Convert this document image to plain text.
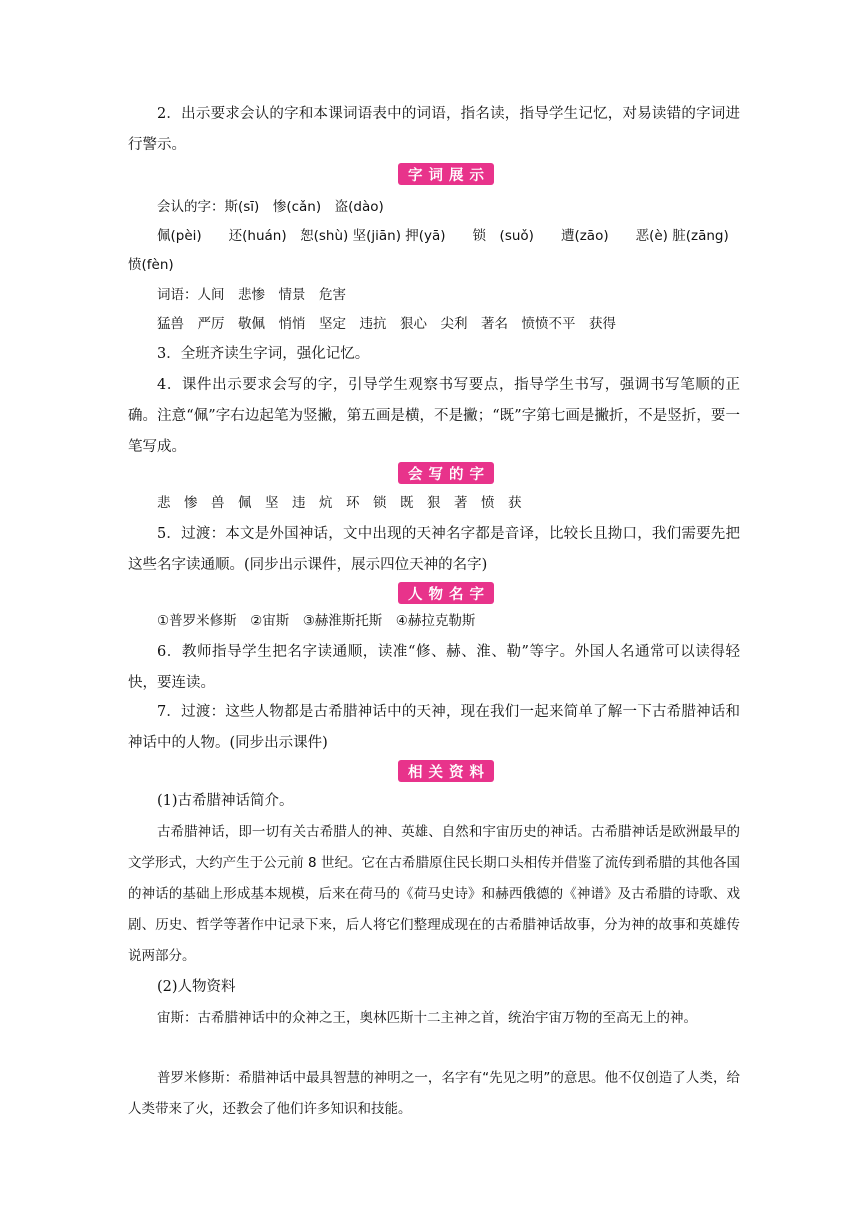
2．出示要求会认的字和本课词语表中的词语，指名读，指导学生记忆，对易读错的字词进行警示。

字词展示

会认的字：斯(sī)　惨(cǎn)　盗(dào)

佩(pèi)　　还(huán)　恕(shù) 坚(jiān) 押(yā)　　锁　(suǒ)　　遭(zāo)　　恶(è) 脏(zāng)

愤(fèn)

词语：人间　悲惨　情景　危害

猛兽　严厉　敬佩　悄悄　坚定　违抗　狠心　尖利　著名　愤愤不平　获得

3．全班齐读生字词，强化记忆。

4．课件出示要求会写的字，引导学生观察书写要点，指导学生书写，强调书写笔顺的正确。注意“佩”字右边起笔为竖撇，第五画是横，不是撇；“既”字第七画是撇折，不是竖折，要一笔写成。

会写的字

悲　惨　兽　佩　坚　违　炕　环　锁　既　狠　著　愤　获

5．过渡：本文是外国神话，文中出现的天神名字都是音译，比较长且拗口，我们需要先把这些名字读通顺。(同步出示课件，展示四位天神的名字)

人物名字

①普罗米修斯　②宙斯　③赫淮斯托斯　④赫拉克勒斯

6．教师指导学生把名字读通顺，读准“修、赫、淮、勒”等字。外国人名通常可以读得轻快，要连读。

7．过渡：这些人物都是古希腊神话中的天神，现在我们一起来简单了解一下古希腊神话和神话中的人物。(同步出示课件)

相关资料

(1)古希腊神话简介。

古希腊神话，即一切有关古希腊人的神、英雄、自然和宇宙历史的神话。古希腊神话是欧洲最早的文学形式，大约产生于公元前 8 世纪。它在古希腊原住民长期口头相传并借鉴了流传到希腊的其他各国的神话的基础上形成基本规模，后来在荷马的《荷马史诗》和赫西俄德的《神谱》及古希腊的诗歌、戏剧、历史、哲学等著作中记录下来，后人将它们整理成现在的古希腊神话故事，分为神的故事和英雄传说两部分。

(2)人物资料

宙斯：古希腊神话中的众神之王，奥林匹斯十二主神之首，统治宇宙万物的至高无上的神。

普罗米修斯：希腊神话中最具智慧的神明之一，名字有“先见之明”的意思。他不仅创造了人类，给人类带来了火，还教会了他们许多知识和技能。
